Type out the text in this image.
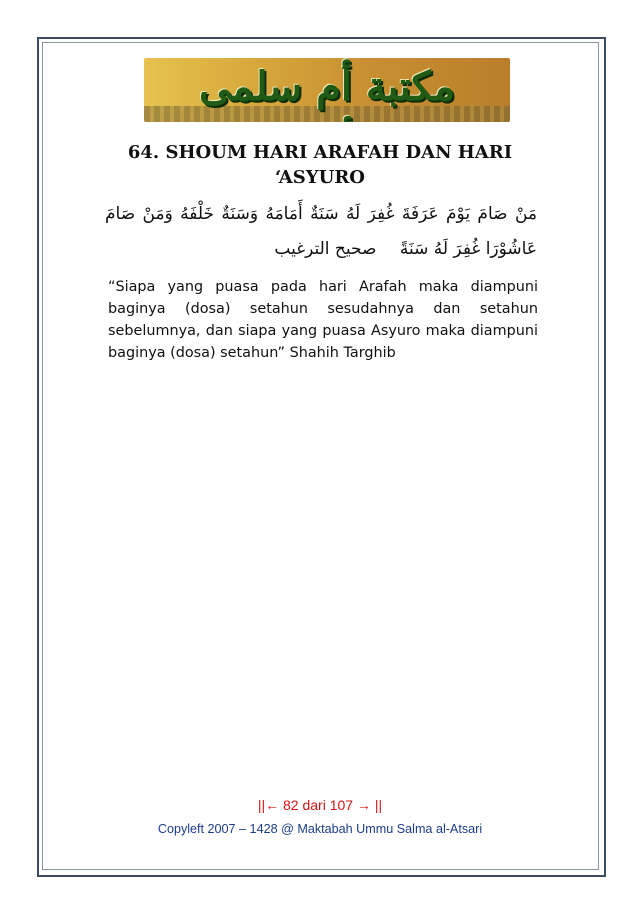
مكتبة أم سلمى
64. SHOUM HARI ARAFAH DAN HARI
‘ASYURO
مَنْ صَامَ يَوْمَ عَرَفَةَ غُفِرَ لَهُ سَنَةٌ أَمَامَهُ وَسَنَةٌ خَلْفَهُ وَمَنْ صَامَ عَاشُوْرَا غُفِرَ لَهُ سَنَةً صحيح الترغيب
“Siapa yang puasa pada hari Arafah maka diampuni baginya (dosa) setahun sesudahnya dan setahun sebelumnya, dan siapa yang puasa Asyuro maka diampuni baginya (dosa) setahun” Shahih Targhib
||← 82 dari 107 → ||
Copyleft 2007 – 1428 @ Maktabah Ummu Salma al-Atsari
